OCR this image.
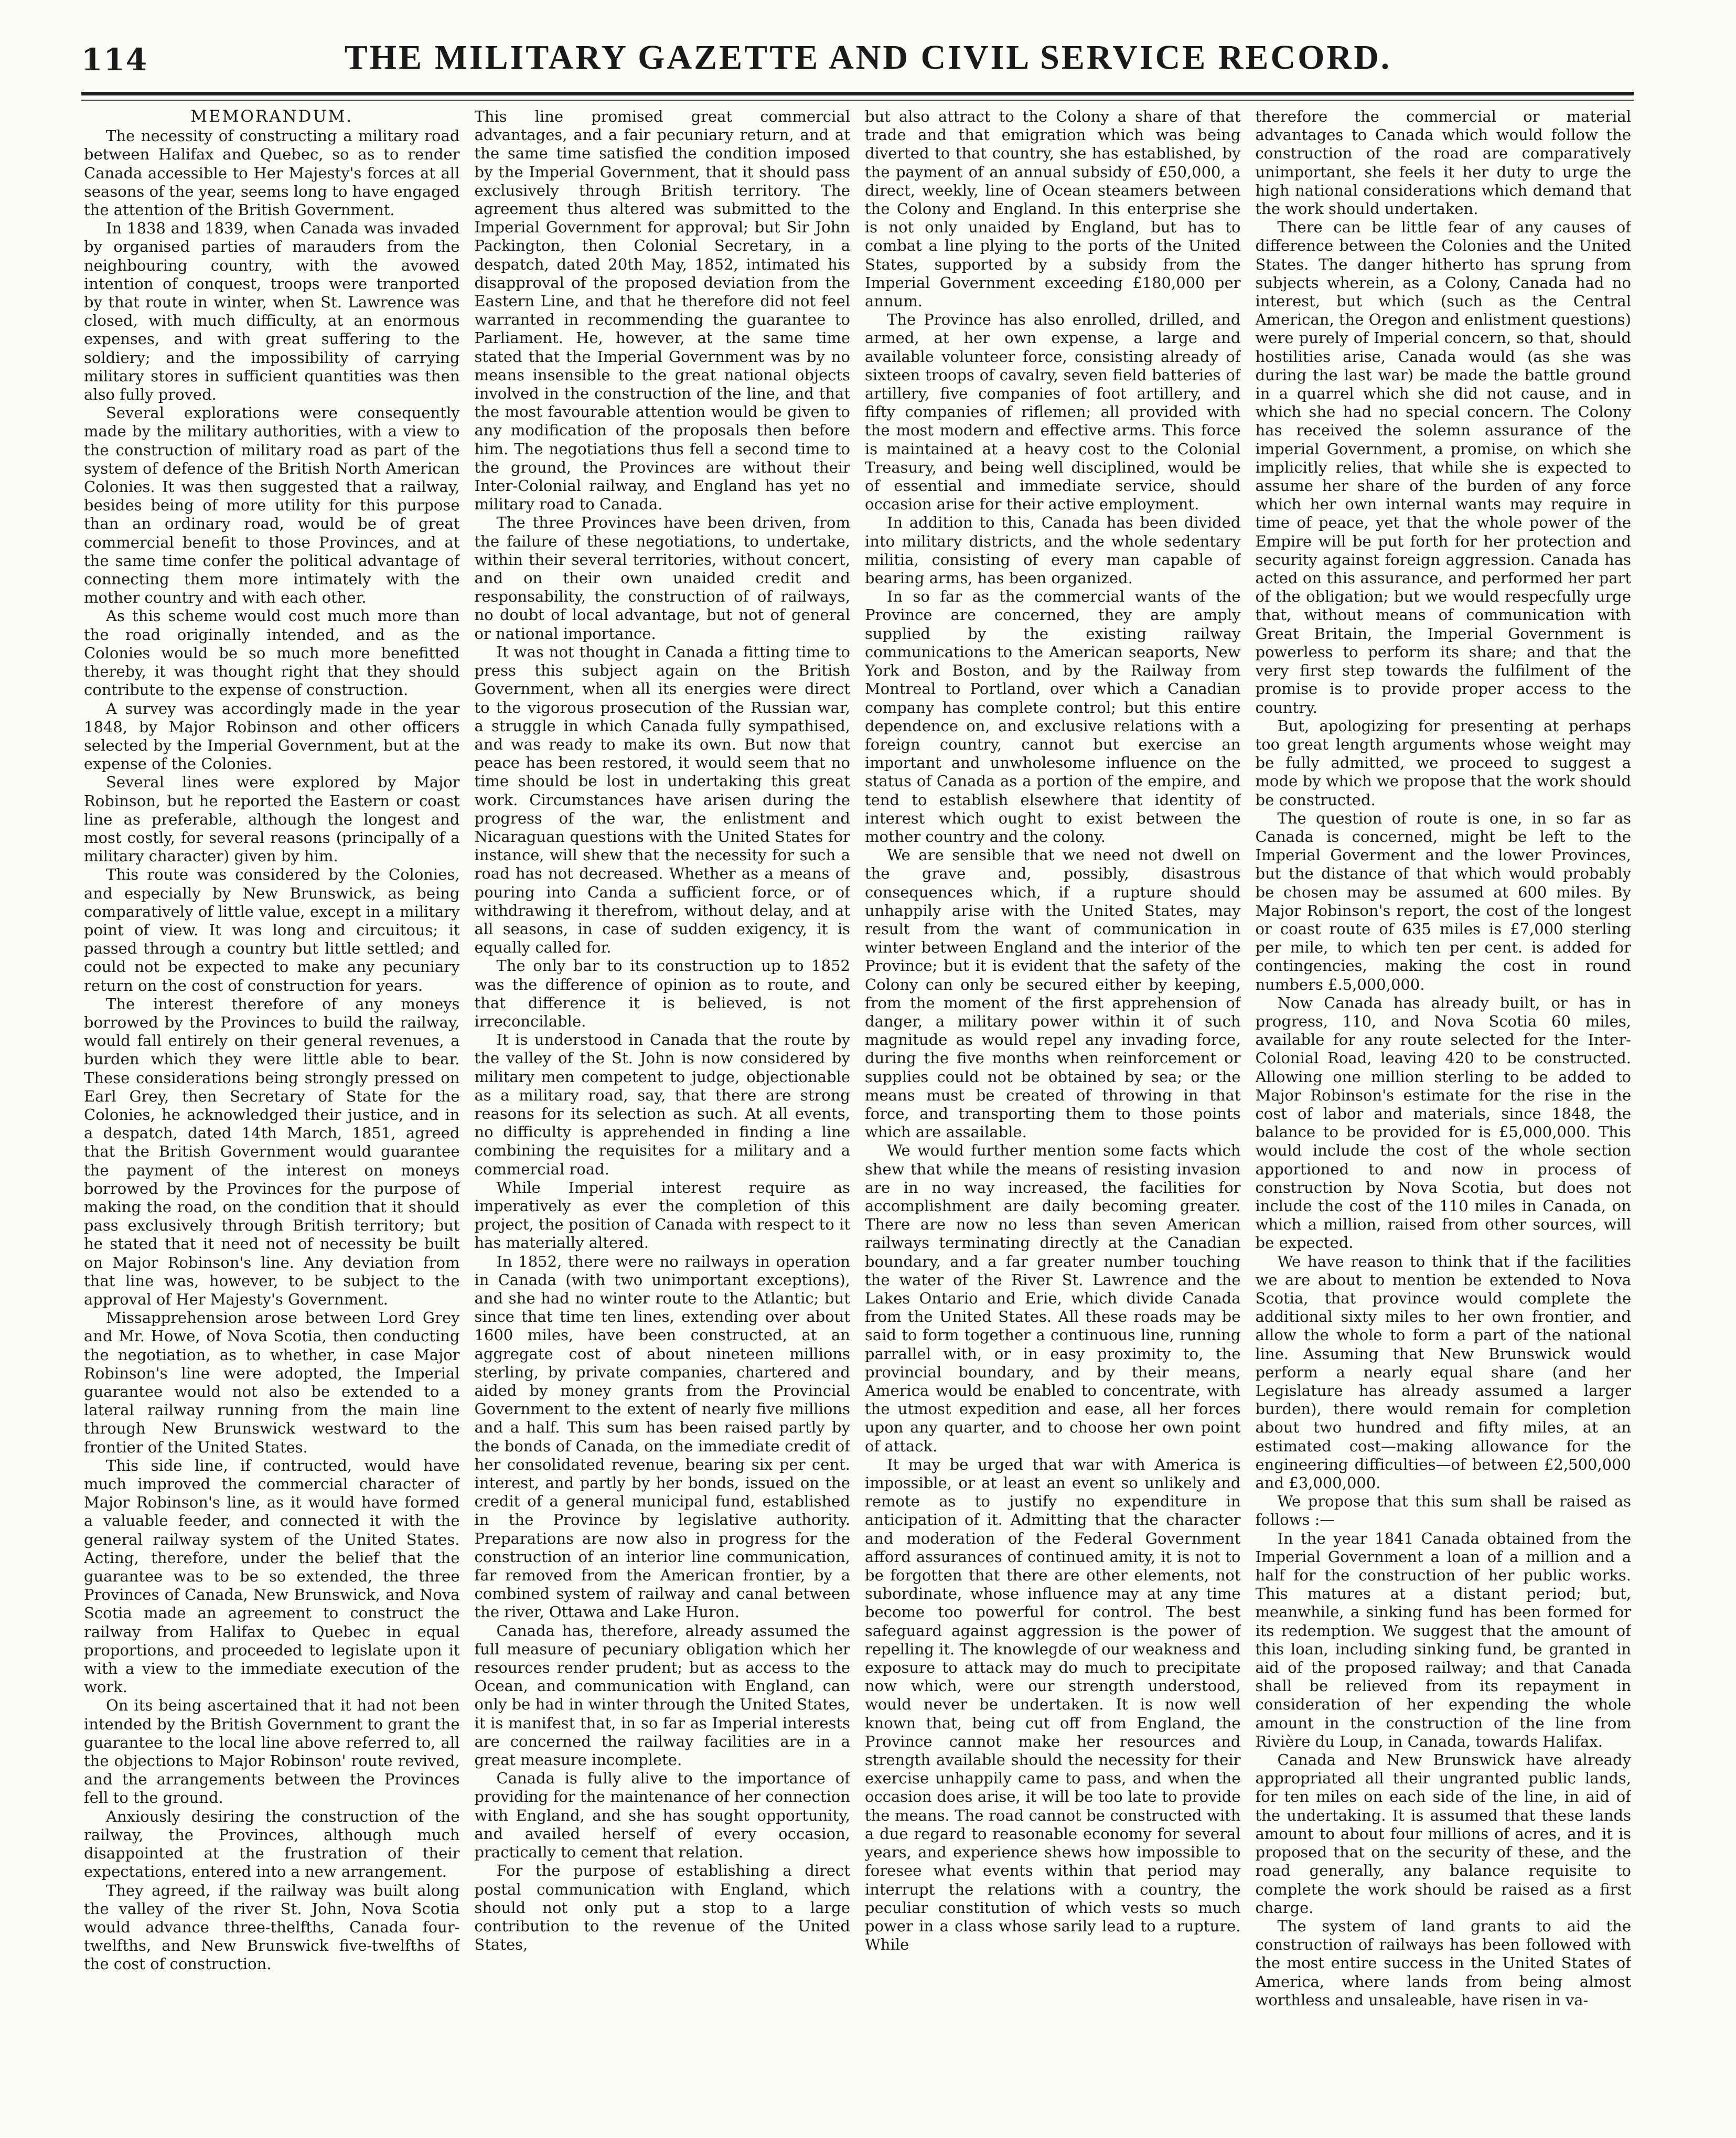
114	THE MILITARY GAZETTE AND CIVIL SERVICE RECORD.
MEMORANDUM.

The necessity of constructing a military road between Halifax and Quebec, so as to render Canada accessible to Her Majesty's forces at all seasons of the year, seems long to have engaged the attention of the British Government.

In 1838 and 1839, when Canada was invaded by organised parties of marauders from the neighbouring country, with the avowed intention of conquest, troops were tranported by that route in winter, when St. Lawrence was closed, with much difficulty, at an enormous expenses, and with great suffering to the soldiery; and the impossibility of carrying military stores in sufficient quantities was then also fully proved.

Several explorations were consequently made by the military authorities, with a view to the construction of military road as part of the system of defence of the British North American Colonies. It was then suggested that a railway, besides being of more utility for this purpose than an ordinary road, would be of great commercial benefit to those Provinces, and at the same time confer the political advantage of connecting them more intimately with the mother country and with each other.

As this scheme would cost much more than the road originally intended, and as the Colonies would be so much more benefitted thereby, it was thought right that they should contribute to the expense of construction.

A survey was accordingly made in the year 1848, by Major Robinson and other officers selected by the Imperial Government, but at the expense of the Colonies.

Several lines were explored by Major Robinson, but he reported the Eastern or coast line as preferable, although the longest and most costly, for several reasons (principally of a military character) given by him.

This route was considered by the Colonies, and especially by New Brunswick, as being comparatively of little value, except in a military point of view. It was long and circuitous; it passed through a country but little settled; and could not be expected to make any pecuniary return on the cost of construction for years.

The interest therefore of any moneys borrowed by the Provinces to build the railway, would fall entirely on their general revenues, a burden which they were little able to bear. These considerations being strongly pressed on Earl Grey, then Secretary of State for the Colonies, he acknowledged their justice, and in a despatch, dated 14th March, 1851, agreed that the British Government would guarantee the payment of the interest on moneys borrowed by the Provinces for the purpose of making the road, on the condition that it should pass exclusively through British territory; but he stated that it need not of necessity be built on Major Robinson's line. Any deviation from that line was, however, to be subject to the approval of Her Majesty's Government.

Missapprehension arose between Lord Grey and Mr. Howe, of Nova Scotia, then conducting the negotiation, as to whether, in case Major Robinson's line were adopted, the Imperial guarantee would not also be extended to a lateral railway running from the main line through New Brunswick westward to the frontier of the United States.

This side line, if contructed, would have much improved the commercial character of Major Robinson's line, as it would have formed a valuable feeder, and connected it with the general railway system of the United States. Acting, therefore, under the belief that the guarantee was to be so extended, the three Provinces of Canada, New Brunswick, and Nova Scotia made an agreement to construct the railway from Halifax to Quebec in equal proportions, and proceeded to legislate upon it with a view to the immediate execution of the work.

On its being ascertained that it had not been intended by the British Government to grant the guarantee to the local line above referred to, all the objections to Major Robinson' route revived, and the arrangements between the Provinces fell to the ground.

Anxiously desiring the construction of the railway, the Provinces, although much disappointed at the frustration of their expectations, entered into a new arrangement.

They agreed, if the railway was built along the valley of the river St. John, Nova Scotia would advance three-thelfths, Canada four-twelfths, and New Brunswick five-twelfths of the cost of construction.

This line promised great commercial advantages, and a fair pecuniary return, and at the same time satisfied the condition imposed by the Imperial Government, that it should pass exclusively through British territory. The agreement thus altered was submitted to the Imperial Government for approval; but Sir John Packington, then Colonial Secretary, in a despatch, dated 20th May, 1852, intimated his disapproval of the proposed deviation from the Eastern Line, and that he therefore did not feel warranted in recommending the guarantee to Parliament. He, however, at the same time stated that the Imperial Government was by no means insensible to the great national objects involved in the construction of the line, and that the most favourable attention would be given to any modification of the proposals then before him. The negotiations thus fell a second time to the ground, the Provinces are without their Inter-Colonial railway, and England has yet no military road to Canada.

The three Provinces have been driven, from the failure of these negotiations, to undertake, within their several territories, without concert, and on their own unaided credit and responsability, the construction of of railways, no doubt of local advantage, but not of general or national importance.

It was not thought in Canada a fitting time to press this subject again on the British Government, when all its energies were direct to the vigorous prosecution of the Russian war, a struggle in which Canada fully sympathised, and was ready to make its own. But now that peace has been restored, it would seem that no time should be lost in undertaking this great work. Circumstances have arisen during the progress of the war, the enlistment and Nicaraguan questions with the United States for instance, will shew that the necessity for such a road has not decreased. Whether as a means of pouring into Canda a sufficient force, or of withdrawing it therefrom, without delay, and at all seasons, in case of sudden exigency, it is equally called for.

The only bar to its construction up to 1852 was the difference of opinion as to route, and that difference it is believed, is not irreconcilable.

It is understood in Canada that the route by the valley of the St. John is now considered by military men competent to judge, objectionable as a military road, say, that there are strong reasons for its selection as such. At all events, no difficulty is apprehended in finding a line combining the requisites for a military and a commercial road.

While Imperial interest require as imperatively as ever the completion of this project, the position of Canada with respect to it has materially altered.

In 1852, there were no railways in operation in Canada (with two unimportant exceptions), and she had no winter route to the Atlantic; but since that time ten lines, extending over about 1600 miles, have been constructed, at an aggregate cost of about nineteen millions sterling, by private companies, chartered and aided by money grants from the Provincial Government to the extent of nearly five millions and a half. This sum has been raised partly by the bonds of Canada, on the immediate credit of her consolidated revenue, bearing six per cent. interest, and partly by her bonds, issued on the credit of a general municipal fund, established in the Province by legislative authority. Preparations are now also in progress for the construction of an interior line communication, far removed from the American frontier, by a combined system of railway and canal between the river, Ottawa and Lake Huron.

Canada has, therefore, already assumed the full measure of pecuniary obligation which her resources render prudent; but as access to the Ocean, and communication with England, can only be had in winter through the United States, it is manifest that, in so far as Imperial interests are concerned the railway facilities are in a great measure incomplete.

Canada is fully alive to the importance of providing for the maintenance of her connection with England, and she has sought opportunity, and availed herself of every occasion, practically to cement that relation.

For the purpose of establishing a direct postal communication with England, which should not only put a stop to a large contribution to the revenue of the United States,

but also attract to the Colony a share of that trade and that emigration which was being diverted to that country, she has established, by the payment of an annual subsidy of £50,000, a direct, weekly, line of Ocean steamers between the Colony and England. In this enterprise she is not only unaided by England, but has to combat a line plying to the ports of the United States, supported by a subsidy from the Imperial Government exceeding £180,000 per annum.

The Province has also enrolled, drilled, and armed, at her own expense, a large and available volunteer force, consisting already of sixteen troops of cavalry, seven field batteries of artillery, five companies of foot artillery, and fifty companies of riflemen; all provided with the most modern and effective arms. This force is maintained at a heavy cost to the Colonial Treasury, and being well disciplined, would be of essential and immediate service, should occasion arise for their active employment.

In addition to this, Canada has been divided into military districts, and the whole sedentary militia, consisting of every man capable of bearing arms, has been organized.

In so far as the commercial wants of the Province are concerned, they are amply supplied by the existing railway communications to the American seaports, New York and Boston, and by the Railway from Montreal to Portland, over which a Canadian company has complete control; but this entire dependence on, and exclusive relations with a foreign country, cannot but exercise an important and unwholesome influence on the status of Canada as a portion of the empire, and tend to establish elsewhere that identity of interest which ought to exist between the mother country and the colony.

We are sensible that we need not dwell on the grave and, possibly, disastrous consequences which, if a rupture should unhappily arise with the United States, may result from the want of communication in winter between England and the interior of the Province; but it is evident that the safety of the Colony can only be secured either by keeping, from the moment of the first apprehension of danger, a military power within it of such magnitude as would repel any invading force, during the five months when reinforcement or supplies could not be obtained by sea; or the means must be created of throwing in that force, and transporting them to those points which are assailable.

We would further mention some facts which shew that while the means of resisting invasion are in no way increased, the facilities for accomplishment are daily becoming greater. There are now no less than seven American railways terminating directly at the Canadian boundary, and a far greater number touching the water of the River St. Lawrence and the Lakes Ontario and Erie, which divide Canada from the United States. All these roads may be said to form together a continuous line, running parrallel with, or in easy proximity to, the provincial boundary, and by their means, America would be enabled to concentrate, with the utmost expedition and ease, all her forces upon any quarter, and to choose her own point of attack.

It may be urged that war with America is impossible, or at least an event so unlikely and remote as to justify no expenditure in anticipation of it. Admitting that the character and moderation of the Federal Government afford assurances of continued amity, it is not to be forgotten that there are other elements, not subordinate, whose influence may at any time become too powerful for control. The best safeguard against aggression is the power of repelling it. The knowlegde of our weakness and exposure to attack may do much to precipitate now which, were our strength understood, would never be undertaken. It is now well known that, being cut off from England, the Province cannot make her resources and strength available should the necessity for their exercise unhappily came to pass, and when the occasion does arise, it will be too late to provide the means. The road cannot be constructed with a due regard to reasonable economy for several years, and experience shews how impossible to foresee what events within that period may interrupt the relations with a country, the peculiar constitution of which vests so much power in a class whose sarily lead to a rupture. While

therefore the commercial or material advantages to Canada which would follow the construction of the road are comparatively unimportant, she feels it her duty to urge the high national considerations which demand that the work should undertaken.

There can be little fear of any causes of difference between the Colonies and the United States. The danger hitherto has sprung from subjects wherein, as a Colony, Canada had no interest, but which (such as the Central American, the Oregon and enlistment questions) were purely of Imperial concern, so that, should hostilities arise, Canada would (as she was during the last war) be made the battle ground in a quarrel which she did not cause, and in which she had no special concern. The Colony has received the solemn assurance of the imperial Government, a promise, on which she implicitly relies, that while she is expected to assume her share of the burden of any force which her own internal wants may require in time of peace, yet that the whole power of the Empire will be put forth for her protection and security against foreign aggression. Canada has acted on this assurance, and performed her part of the obligation; but we would respecfully urge that, without means of communication with Great Britain, the Imperial Government is powerless to perform its share; and that the very first step towards the fulfilment of the promise is to provide proper access to the country.

But, apologizing for presenting at perhaps too great length arguments whose weight may be fully admitted, we proceed to suggest a mode by which we propose that the work should be constructed.

The question of route is one, in so far as Canada is concerned, might be left to the Imperial Goverment and the lower Provinces, but the distance of that which would probably be chosen may be assumed at 600 miles. By Major Robinson's report, the cost of the longest or coast route of 635 miles is £7,000 sterling per mile, to which ten per cent. is added for contingencies, making the cost in round numbers £.5,000,000.

Now Canada has already built, or has in progress, 110, and Nova Scotia 60 miles, available for any route selected for the Inter-Colonial Road, leaving 420 to be constructed. Allowing one million sterling to be added to Major Robinson's estimate for the rise in the cost of labor and materials, since 1848, the balance to be provided for is £5,000,000. This would include the cost of the whole section apportioned to and now in process of construction by Nova Scotia, but does not include the cost of the 110 miles in Canada, on which a million, raised from other sources, will be expected.

We have reason to think that if the facilities we are about to mention be extended to Nova Scotia, that province would complete the additional sixty miles to her own frontier, and allow the whole to form a part of the national line. Assuming that New Brunswick would perform a nearly equal share (and her Legislature has already assumed a larger burden), there would remain for completion about two hundred and fifty miles, at an estimated cost—making allowance for the engineering difficulties—of between £2,500,000 and £3,000,000.

We propose that this sum shall be raised as follows :—

In the year 1841 Canada obtained from the Imperial Government a loan of a million and a half for the construction of her public works. This matures at a distant period; but, meanwhile, a sinking fund has been formed for its redemption. We suggest that the amount of this loan, including sinking fund, be granted in aid of the proposed railway; and that Canada shall be relieved from its repayment in consideration of her expending the whole amount in the construction of the line from Rivière du Loup, in Canada, towards Halifax.

Canada and New Brunswick have already appropriated all their ungranted public lands, for ten miles on each side of the line, in aid of the undertaking. It is assumed that these lands amount to about four millions of acres, and it is proposed that on the security of these, and the road generally, any balance requisite to complete the work should be raised as a first charge.

The system of land grants to aid the construction of railways has been followed with the most entire success in the United States of America, where lands from being almost worthless and unsaleable, have risen in va-
